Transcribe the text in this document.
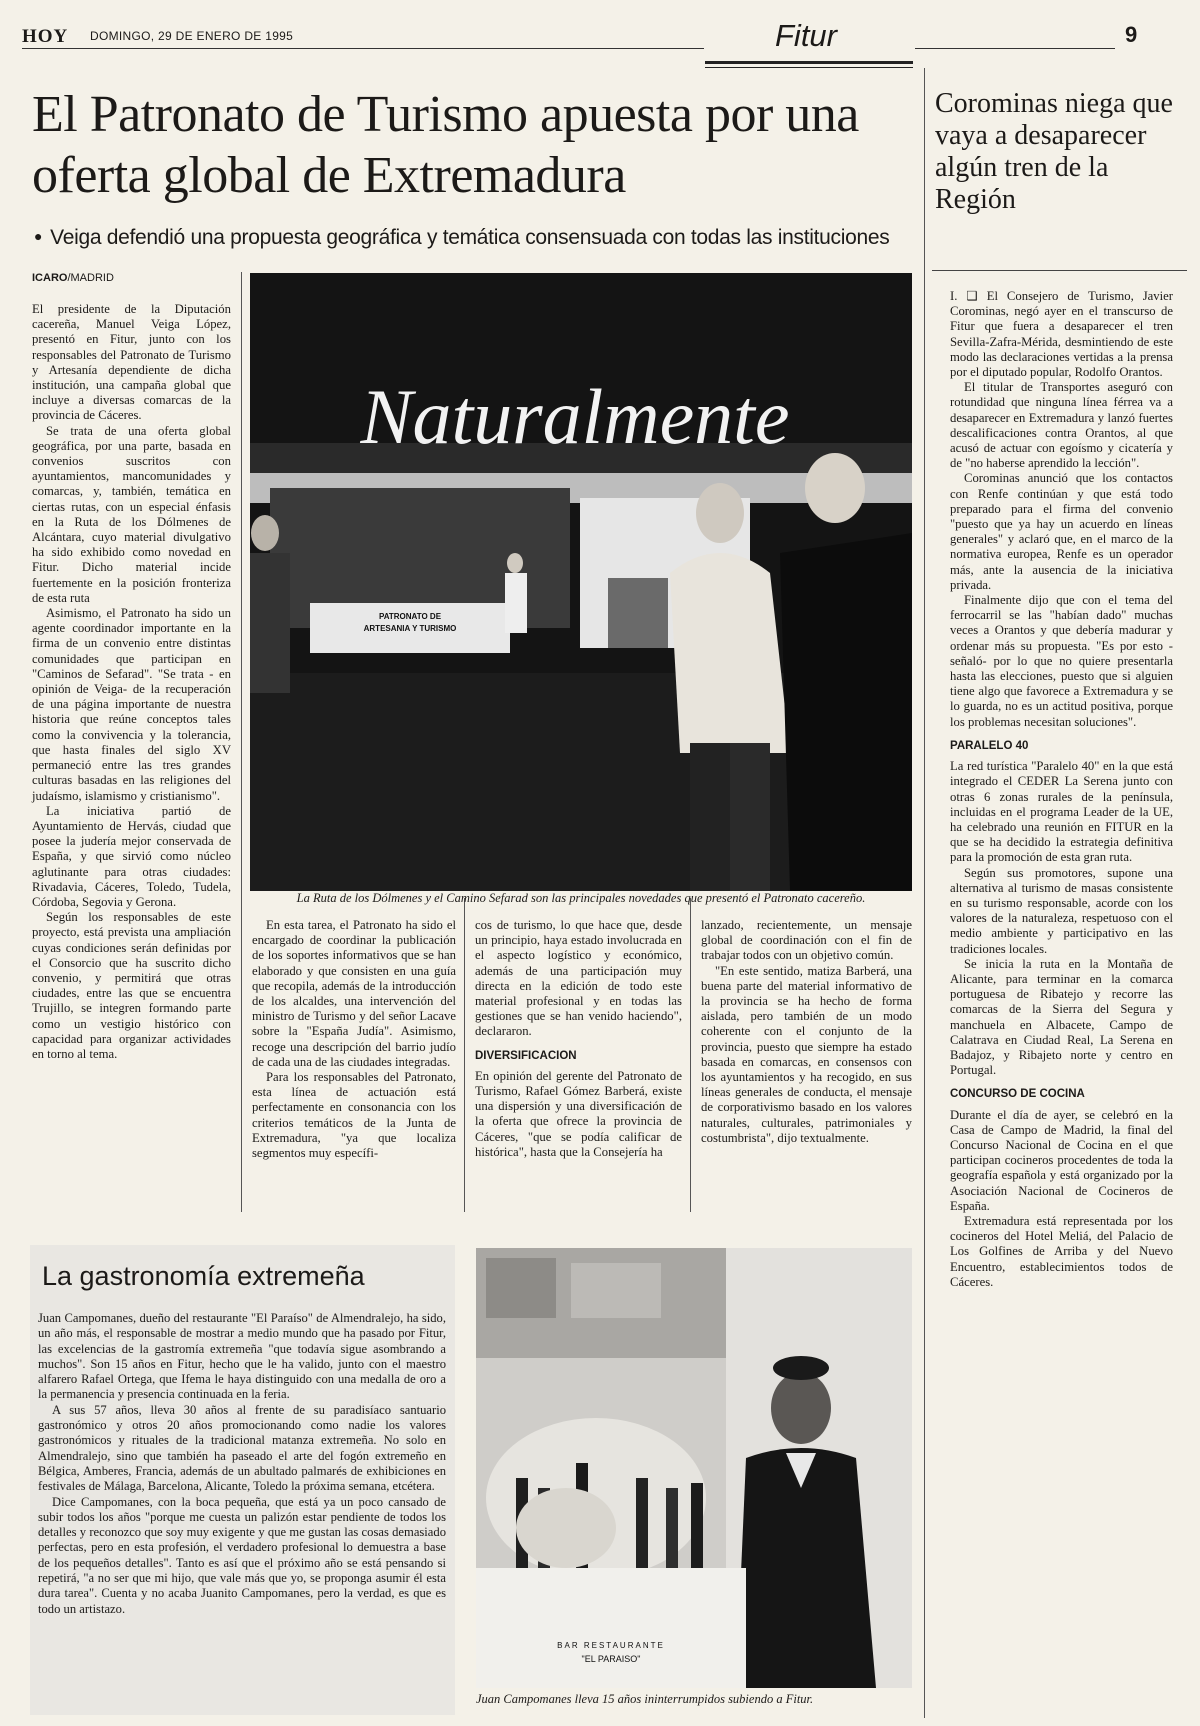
HOY DOMINGO, 29 DE ENERO DE 1995	Fitur	9
El Patronato de Turismo apuesta por una oferta global de Extremadura
● Veiga defendió una propuesta geográfica y temática consensuada con todas las instituciones
ICARO/MADRID

El presidente de la Diputación cacereña, Manuel Veiga López, presentó en Fitur, junto con los responsables del Patronato de Turismo y Artesanía dependiente de dicha institución, una campaña global que incluye a diversas comarcas de la provincia de Cáceres.

Se trata de una oferta global geográfica, por una parte, basada en convenios suscritos con ayuntamientos, mancomunidades y comarcas, y, también, temática en ciertas rutas, con un especial énfasis en la Ruta de los Dólmenes de Alcántara, cuyo material divulgativo ha sido exhibido como novedad en Fitur. Dicho material incide fuertemente en la posición fronteriza de esta ruta

Asimismo, el Patronato ha sido un agente coordinador importante en la firma de un convenio entre distintas comunidades que participan en "Caminos de Sefarad". "Se trata - en opinión de Veiga- de la recuperación de una página importante de nuestra historia que reúne conceptos tales como la convivencia y la tolerancia, que hasta finales del siglo XV permaneció entre las tres grandes culturas basadas en las religiones del judaísmo, islamismo y cristianismo".

La iniciativa partió de Ayuntamiento de Hervás, ciudad que posee la judería mejor conservada de España, y que sirvió como núcleo aglutinante para otras ciudades: Rivadavia, Cáceres, Toledo, Tudela, Córdoba, Segovia y Gerona.

Según los responsables de este proyecto, está prevista una ampliación cuyas condiciones serán definidas por el Consorcio que ha suscrito dicho convenio, y permitirá que otras ciudades, entre las que se encuentra Trujillo, se integren formando parte como un vestigio histórico con capacidad para organizar actividades en torno al tema.

Naturalmente
PATRONATO DE
ARTESANIA Y TURISMO
La Ruta de los Dólmenes y el Camino Sefarad son las principales novedades que presentó el Patronato cacereño.

En esta tarea, el Patronato ha sido el encargado de coordinar la publicación de los soportes informativos que se han elaborado y que consisten en una guía que recopila, además de la introducción de los alcaldes, una intervención del ministro de Turismo y del señor Lacave sobre la "España Judía". Asimismo, recoge una descripción del barrio judío de cada una de las ciudades integradas.

Para los responsables del Patronato, esta línea de actuación está perfectamente en consonancia con los criterios temáticos de la Junta de Extremadura, "ya que localiza segmentos muy específi-

cos de turismo, lo que hace que, desde un principio, haya estado involucrada en el aspecto logístico y económico, además de una participación muy directa en la edición de todo este material profesional y en todas las gestiones que se han venido haciendo", declararon.

DIVERSIFICACION

En opinión del gerente del Patronato de Turismo, Rafael Gómez Barberá, existe una dispersión y una diversificación de la oferta que ofrece la provincia de Cáceres, "que se podía calificar de histórica", hasta que la Consejería ha

lanzado, recientemente, un mensaje global de coordinación con el fin de trabajar todos con un objetivo común.

"En este sentido, matiza Barberá, una buena parte del material informativo de la provincia se ha hecho de forma aislada, pero también de un modo coherente con el conjunto de la provincia, puesto que siempre ha estado basada en comarcas, en consensos con los ayuntamientos y ha recogido, en sus líneas generales de conducta, el mensaje de corporativismo basado en los valores naturales, culturales, patrimoniales y costumbrista", dijo textualmente.

Corominas niega que vaya a desaparecer algún tren de la Región

I. ❑ El Consejero de Turismo, Javier Corominas, negó ayer en el transcurso de Fitur que fuera a desaparecer el tren Sevilla-Zafra-Mérida, desmintiendo de este modo las declaraciones vertidas a la prensa por el diputado popular, Rodolfo Orantos.

El titular de Transportes aseguró con rotundidad que ninguna línea férrea va a desaparecer en Extremadura y lanzó fuertes descalificaciones contra Orantos, al que acusó de actuar con egoísmo y cicatería y de "no haberse aprendido la lección".

Corominas anunció que los contactos con Renfe continúan y que está todo preparado para el firma del convenio "puesto que ya hay un acuerdo en líneas generales" y aclaró que, en el marco de la normativa europea, Renfe es un operador más, ante la ausencia de la iniciativa privada.

Finalmente dijo que con el tema del ferrocarril se las "habían dado" muchas veces a Orantos y que debería madurar y ordenar más su propuesta. "Es por esto -señaló- por lo que no quiere presentarla hasta las elecciones, puesto que si alguien tiene algo que favorece a Extremadura y se lo guarda, no es un actitud positiva, porque los problemas necesitan soluciones".

PARALELO 40

La red turística "Paralelo 40" en la que está integrado el CEDER La Serena junto con otras 6 zonas rurales de la península, incluidas en el programa Leader de la UE, ha celebrado una reunión en FITUR en la que se ha decidido la estrategia definitiva para la promoción de esta gran ruta.

Según sus promotores, supone una alternativa al turismo de masas consistente en su turismo responsable, acorde con los valores de la naturaleza, respetuoso con el medio ambiente y participativo en las tradiciones locales.

Se inicia la ruta en la Montaña de Alicante, para terminar en la comarca portuguesa de Ribatejo y recorre las comarcas de la Sierra del Segura y manchuela en Albacete, Campo de Calatrava en Ciudad Real, La Serena en Badajoz, y Ribajeto norte y centro en Portugal.

CONCURSO DE COCINA

Durante el día de ayer, se celebró en la Casa de Campo de Madrid, la final del Concurso Nacional de Cocina en el que participan cocineros procedentes de toda la geografía española y está organizado por la Asociación Nacional de Cocineros de España.

Extremadura está representada por los cocineros del Hotel Meliá, del Palacio de Los Golfines de Arriba y del Nuevo Encuentro, establecimientos todos de Cáceres.

La gastronomía extremeña

Juan Campomanes, dueño del restaurante "El Paraíso" de Almendralejo, ha sido, un año más, el responsable de mostrar a medio mundo que ha pasado por Fitur, las excelencias de la gastromía extremeña "que todavía sigue asombrando a muchos". Son 15 años en Fitur, hecho que le ha valido, junto con el maestro alfarero Rafael Ortega, que Ifema le haya distinguido con una medalla de oro a la permanencia y presencia continuada en la feria.

A sus 57 años, lleva 30 años al frente de su paradisíaco santuario gastronómico y otros 20 años promocionando como nadie los valores gastronómicos y rituales de la tradicional matanza extremeña. No solo en Almendralejo, sino que también ha paseado el arte del fogón extremeño en Bélgica, Amberes, Francia, además de un abultado palmarés de exhibiciones en festivales de Málaga, Barcelona, Alicante, Toledo la próxima semana, etcétera.

Dice Campomanes, con la boca pequeña, que está ya un poco cansado de subir todos los años "porque me cuesta un palizón estar pendiente de todos los detalles y reconozco que soy muy exigente y que me gustan las cosas demasiado perfectas, pero en esta profesión, el verdadero profesional lo demuestra a base de los pequeños detalles". Tanto es así que el próximo año se está pensando si repetirá, "a no ser que mi hijo, que vale más que yo, se proponga asumir él esta dura tarea". Cuenta y no acaba Juanito Campomanes, pero la verdad, es que es todo un artistazo.

BAR RESTAURANTE
"EL PARAISO"
Juan Campomanes lleva 15 años ininterrumpidos subiendo a Fitur.
